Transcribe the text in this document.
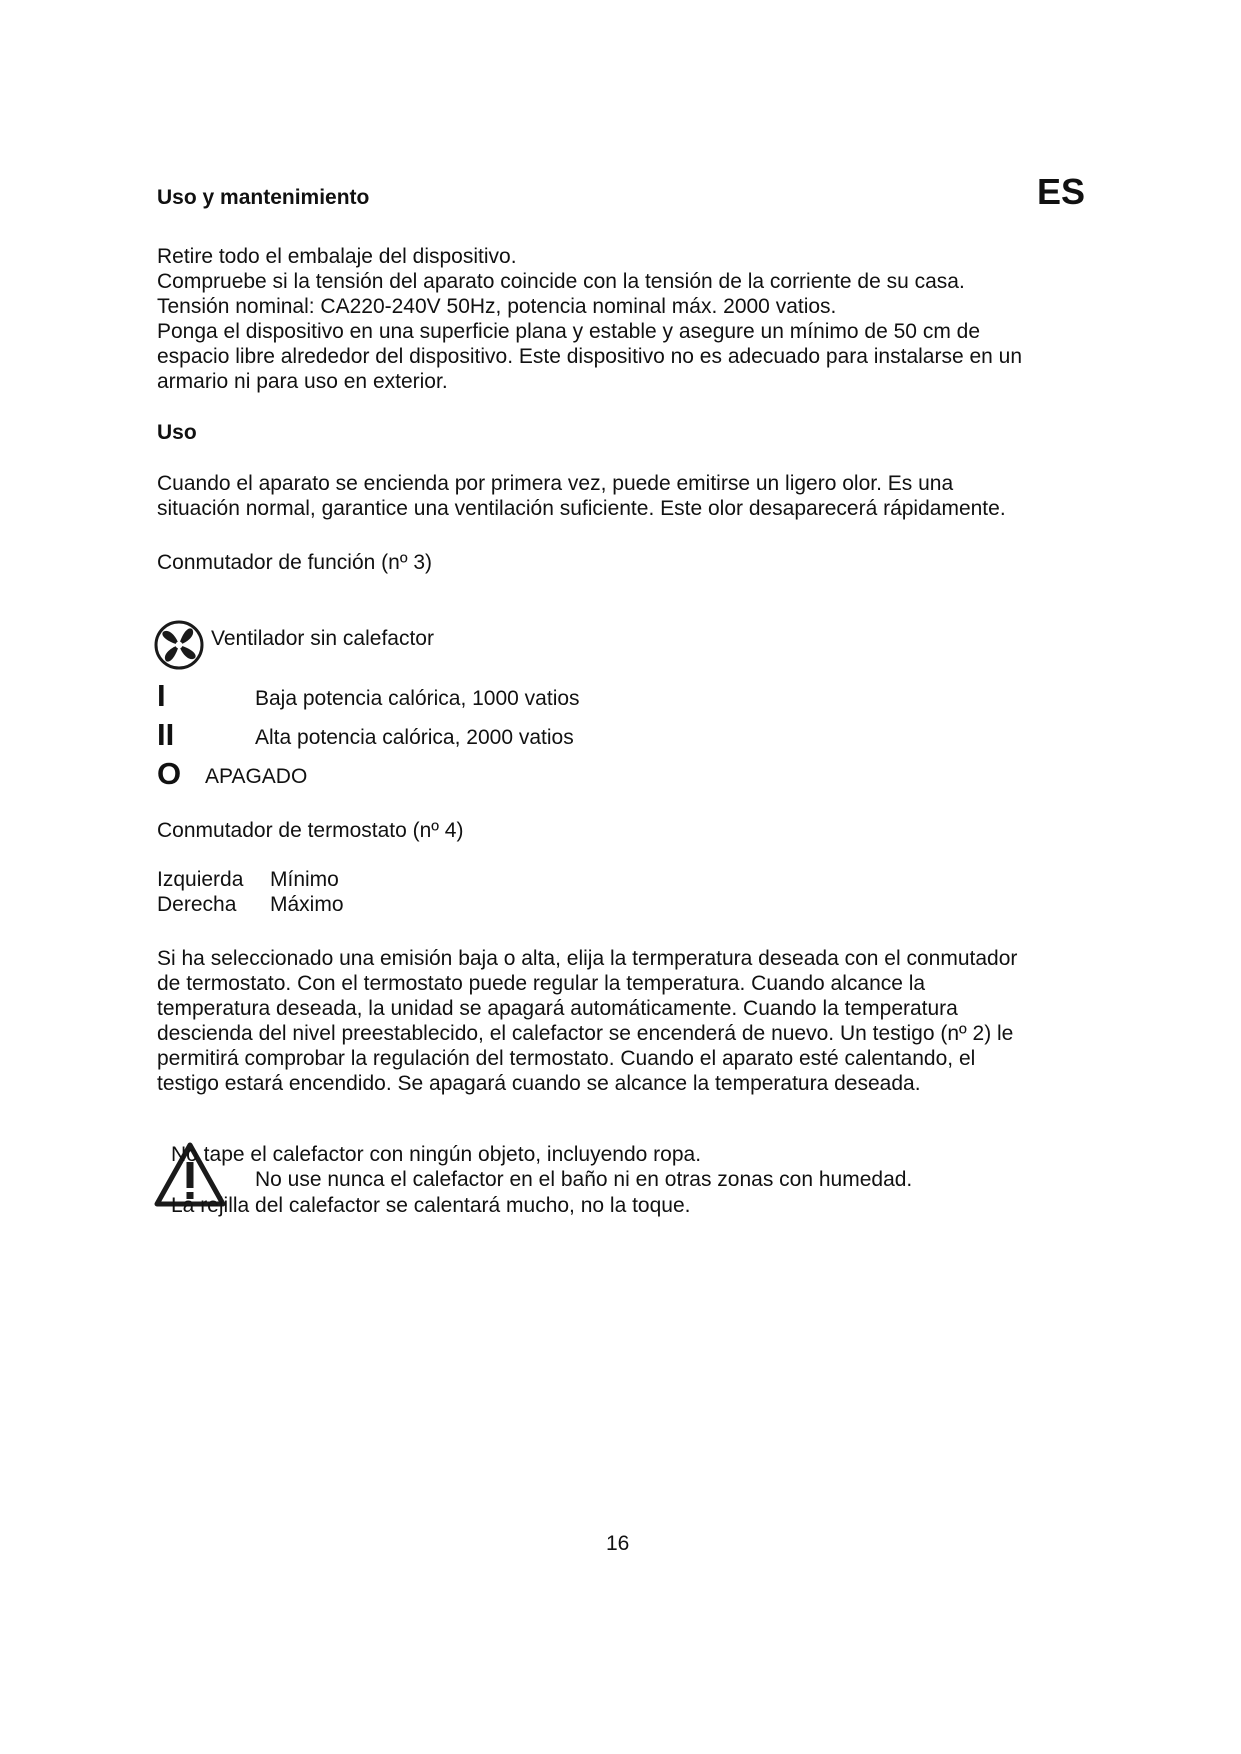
Uso y mantenimiento	ES
Retire todo el embalaje del dispositivo.
Compruebe si la tensión del aparato coincide con la tensión de la corriente de su casa.
Tensión nominal: CA220-240V 50Hz, potencia nominal máx. 2000 vatios.
Ponga el dispositivo en una superficie plana y estable y asegure un mínimo de 50 cm de
espacio libre alrededor del dispositivo. Este dispositivo no es adecuado para instalarse en un
armario ni para uso en exterior.
Uso
Cuando el aparato se encienda por primera vez, puede emitirse un ligero olor. Es una
situación normal, garantice una ventilación suficiente. Este olor desaparecerá rápidamente.
Conmutador de función (nº 3)
Ventilador sin calefactor
I	Baja potencia calórica, 1000 vatios
II	Alta potencia calórica, 2000 vatios
O APAGADO
Conmutador de termostato (nº 4)
Izquierda Mínimo
Derecha Máximo
Si ha seleccionado una emisión baja o alta, elija la termperatura deseada con el conmutador
de termostato. Con el termostato puede regular la temperatura. Cuando alcance la
temperatura deseada, la unidad se apagará automáticamente. Cuando la temperatura
descienda del nivel preestablecido, el calefactor se encenderá de nuevo. Un testigo (nº 2) le
permitirá comprobar la regulación del termostato. Cuando el aparato esté calentando, el
testigo estará encendido. Se apagará cuando se alcance la temperatura deseada.
No tape el calefactor con ningún objeto, incluyendo ropa.
No use nunca el calefactor en el baño ni en otras zonas con humedad.
La rejilla del calefactor se calentará mucho, no la toque.
16
